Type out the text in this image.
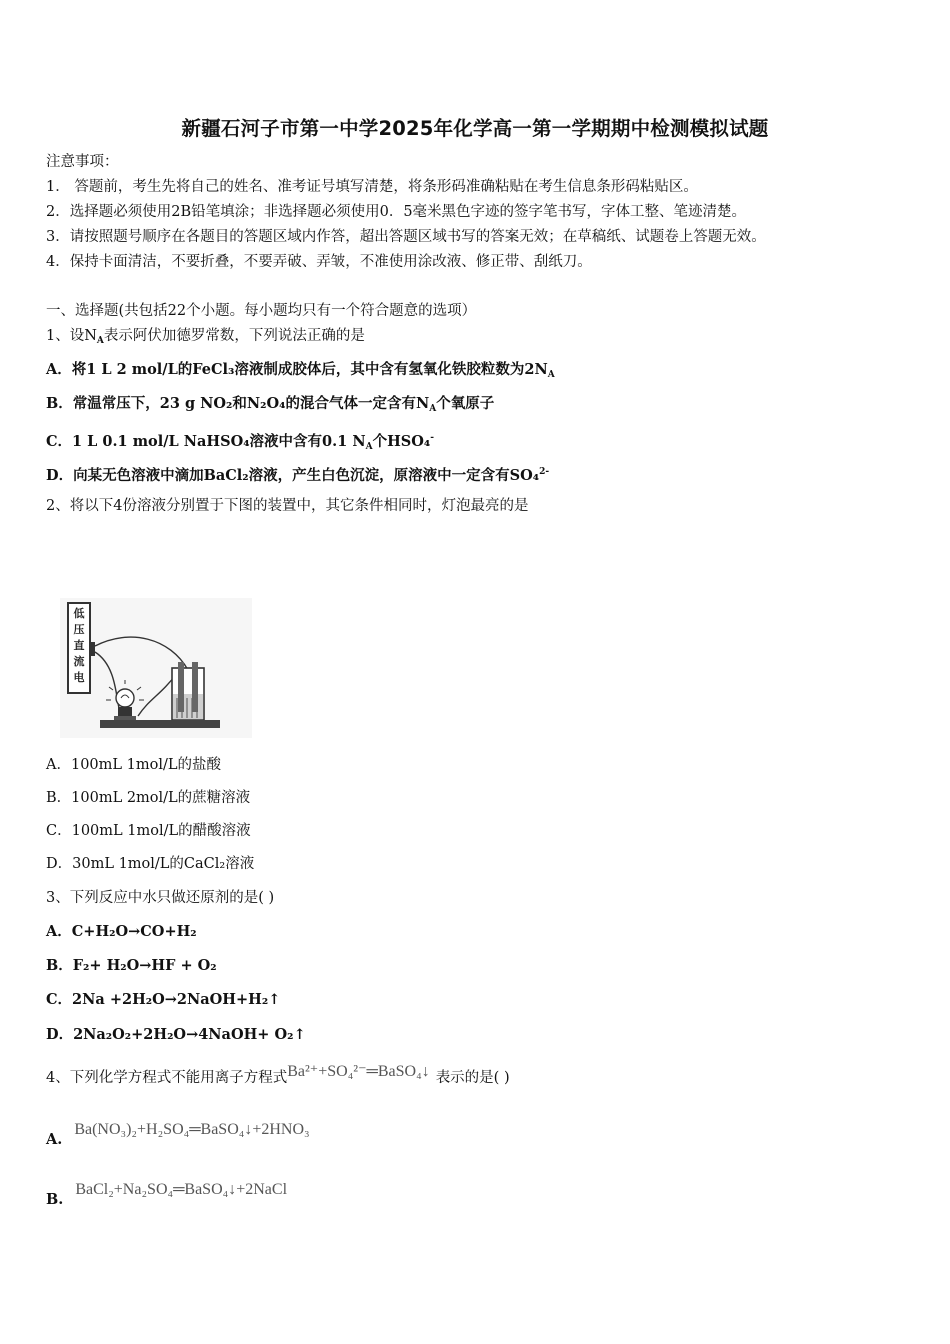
新疆石河子市第一中学2025年化学高一第一学期期中检测模拟试题
注意事项：
1． 答题前，考生先将自己的姓名、准考证号填写清楚，将条形码准确粘贴在考生信息条形码粘贴区。
2．选择题必须使用2B铅笔填涂；非选择题必须使用0．5毫米黑色字迹的签字笔书写，字体工整、笔迹清楚。
3．请按照题号顺序在各题目的答题区域内作答，超出答题区域书写的答案无效；在草稿纸、试题卷上答题无效。
4．保持卡面清洁，不要折叠，不要弄破、弄皱，不准使用涂改液、修正带、刮纸刀。
一、选择题(共包括22个小题。每小题均只有一个符合题意的选项）
1、设$N_A$表示阿伏加德罗常数，下列说法正确的是
A．将1 L 2 mol/L的FeCl₃溶液制成胶体后，其中含有氢氧化铁胶粒数为$2N_A$
B．常温常压下，23 g NO₂和N₂O₄的混合气体一定含有$N_A$个氧原子
C．1 L 0.1 mol/L NaHSO₄溶液中含有0.1 $N_A$个HSO₄-
D．向某无色溶液中滴加BaCl₂溶液，产生白色沉淀，原溶液中一定含有SO₄$^{2-}$
2、将以下4份溶液分别置于下图的装置中，其它条件相同时，灯泡最亮的是
低
压
直
流
电
A．100mL 1mol/L的盐酸
B．100mL 2mol/L的蔗糖溶液
C．100mL 1mol/L的醋酸溶液
D．30mL 1mol/L的CaCl₂溶液
3、下列反应中水只做还原剂的是( )
A．C+H₂O→CO+H₂
B．F₂+ H₂O→HF + O₂
C．2Na +2H₂O→2NaOH+H₂↑
D．2Na₂O₂+2H₂O→4NaOH+ O₂↑
4、下列化学方程式不能用离子方程式Ba²⁺+SO₄²⁻═BaSO₄↓ 表示的是( )
A.Ba(NO₃)₂+H₂SO₄═BaSO₄↓+2HNO₃
B.BaCl₂+Na₂SO₄═BaSO₄↓+2NaCl
